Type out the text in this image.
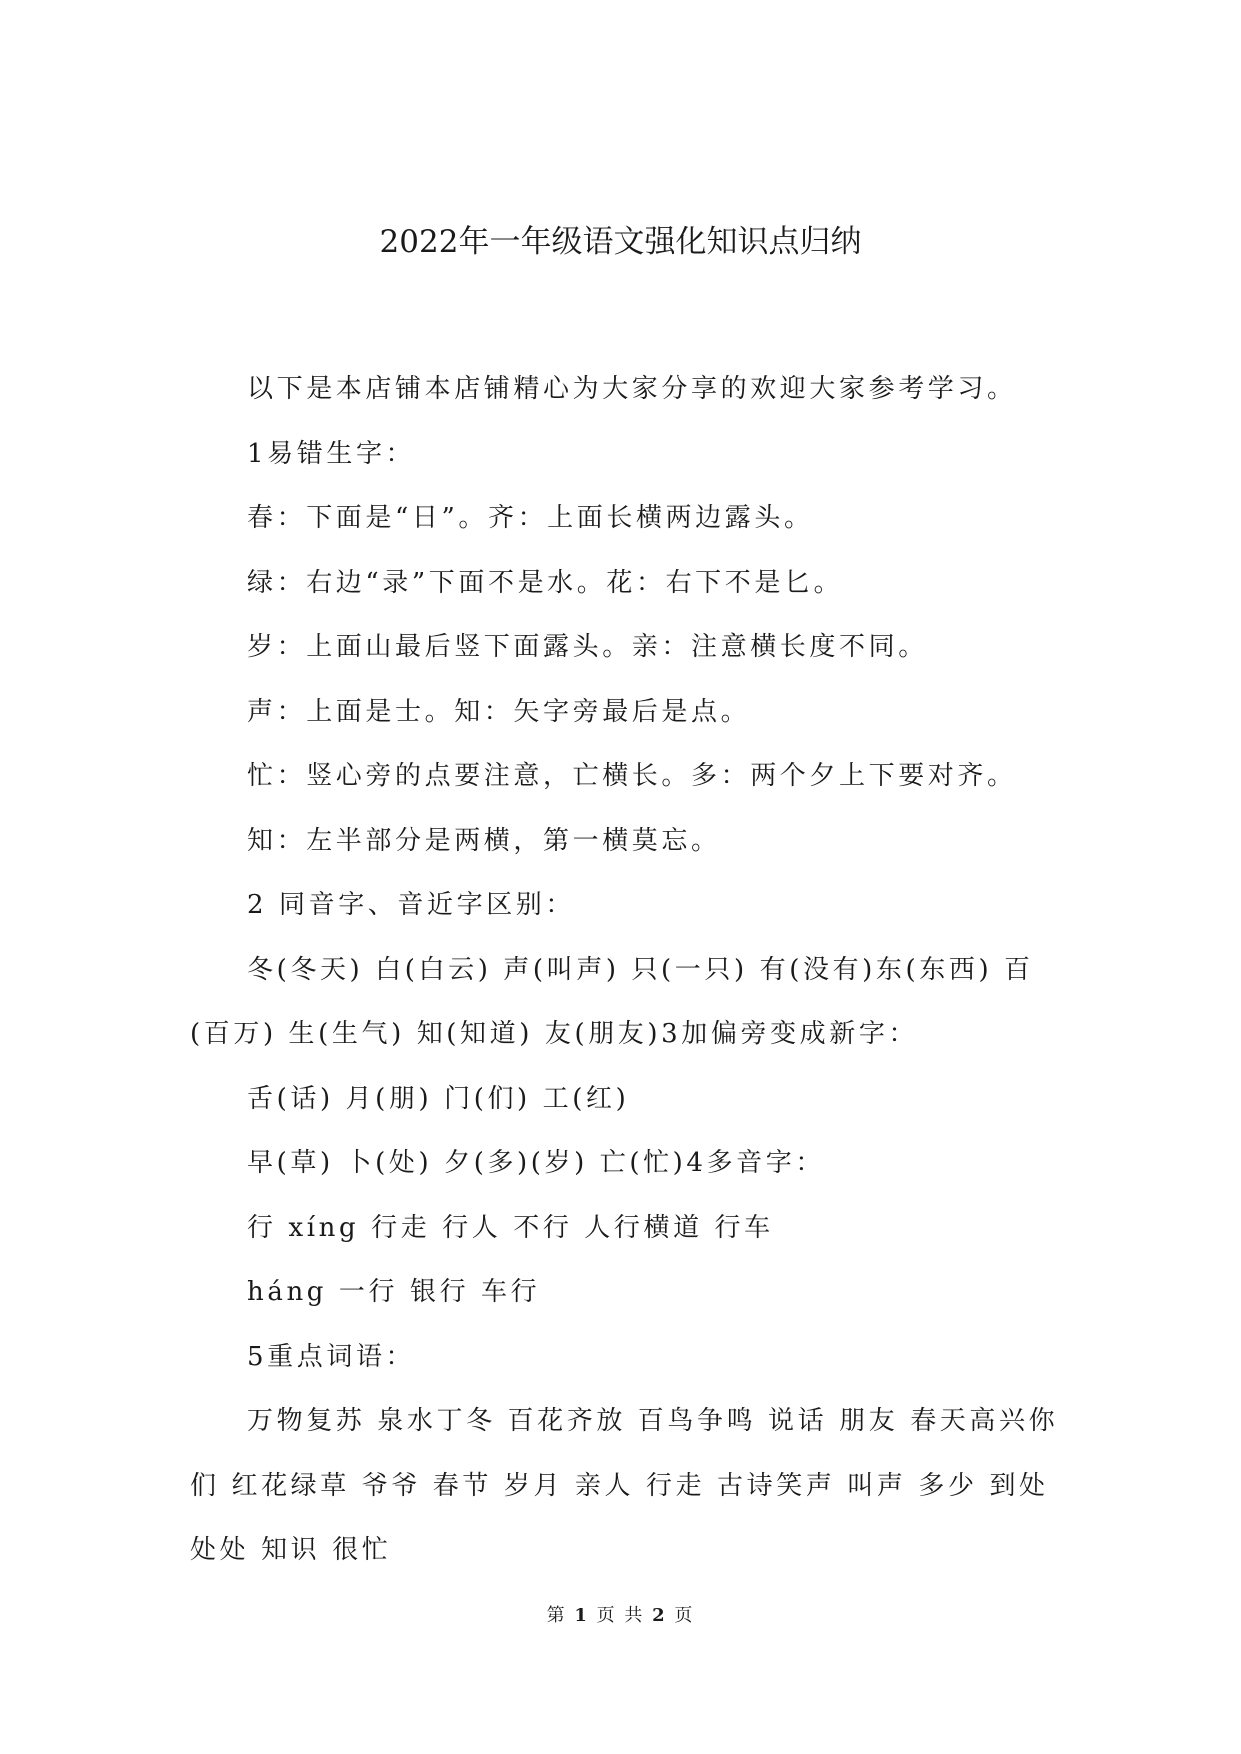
2022年一年级语文强化知识点归纳

以下是本店铺本店铺精心为大家分享的欢迎大家参考学习。

1易错生字：

春：下面是“日”。齐：上面长横两边露头。

绿：右边“录”下面不是水。花：右下不是匕。

岁：上面山最后竖下面露头。亲：注意横长度不同。

声：上面是士。知：矢字旁最后是点。

忙：竖心旁的点要注意，亡横长。多：两个夕上下要对齐。

知：左半部分是两横，第一横莫忘。

2 同音字、音近字区别：

冬(冬天) 白(白云) 声(叫声) 只(一只) 有(没有)东(东西) 百(百万) 生(生气) 知(知道) 友(朋友)3加偏旁变成新字：

舌(话) 月(朋) 门(们) 工(红)

早(草) 卜(处) 夕(多)(岁) 亡(忙)4多音字：

行 xíng 行走 行人 不行 人行横道 行车

háng 一行 银行 车行

5重点词语：

万物复苏 泉水丁冬 百花齐放 百鸟争鸣 说话 朋友 春天高兴你们 红花绿草 爷爷 春节 岁月 亲人 行走 古诗笑声 叫声 多少 到处 处处 知识 很忙

第 1 页 共 2 页
